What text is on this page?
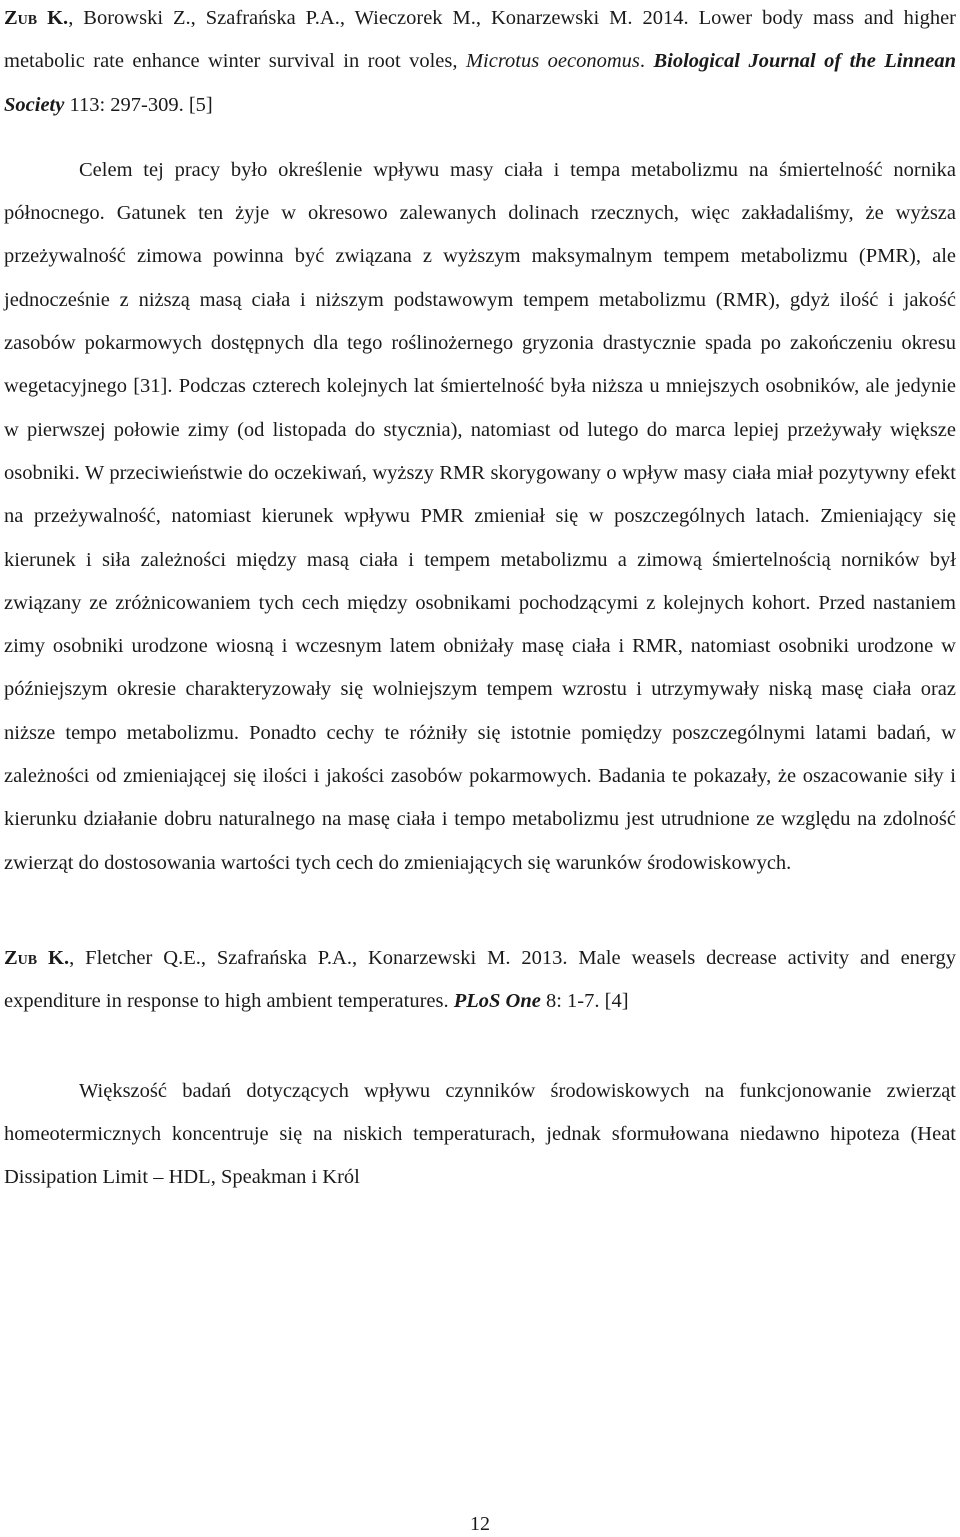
Zub K., Borowski Z., Szafrańska P.A., Wieczorek M., Konarzewski M. 2014. Lower body mass and higher metabolic rate enhance winter survival in root voles, Microtus oeconomus. Biological Journal of the Linnean Society 113: 297-309. [5]

Celem tej pracy było określenie wpływu masy ciała i tempa metabolizmu na śmiertelność nornika północnego. Gatunek ten żyje w okresowo zalewanych dolinach rzecznych, więc zakładaliśmy, że wyższa przeżywalność zimowa powinna być związana z wyższym maksymalnym tempem metabolizmu (PMR), ale jednocześnie z niższą masą ciała i niższym podstawowym tempem metabolizmu (RMR), gdyż ilość i jakość zasobów pokarmowych dostępnych dla tego roślinożernego gryzonia drastycznie spada po zakończeniu okresu wegetacyjnego [31]. Podczas czterech kolejnych lat śmiertelność była niższa u mniejszych osobników, ale jedynie w pierwszej połowie zimy (od listopada do stycznia), natomiast od lutego do marca lepiej przeżywały większe osobniki. W przeciwieństwie do oczekiwań, wyższy RMR skorygowany o wpływ masy ciała miał pozytywny efekt na przeżywalność, natomiast kierunek wpływu PMR zmieniał się w poszczególnych latach. Zmieniający się kierunek i siła zależności między masą ciała i tempem metabolizmu a zimową śmiertelnością norników był związany ze zróżnicowaniem tych cech między osobnikami pochodzącymi z kolejnych kohort. Przed nastaniem zimy osobniki urodzone wiosną i wczesnym latem obniżały masę ciała i RMR, natomiast osobniki urodzone w późniejszym okresie charakteryzowały się wolniejszym tempem wzrostu i utrzymywały niską masę ciała oraz niższe tempo metabolizmu. Ponadto cechy te różniły się istotnie pomiędzy poszczególnymi latami badań, w zależności od zmieniającej się ilości i jakości zasobów pokarmowych. Badania te pokazały, że oszacowanie siły i kierunku działanie dobru naturalnego na masę ciała i tempo metabolizmu jest utrudnione ze względu na zdolność zwierząt do dostosowania wartości tych cech do zmieniających się warunków środowiskowych.

Zub K., Fletcher Q.E., Szafrańska P.A., Konarzewski M. 2013. Male weasels decrease activity and energy expenditure in response to high ambient temperatures. PLoS One 8: 1-7. [4]

Większość badań dotyczących wpływu czynników środowiskowych na funkcjonowanie zwierząt homeotermicznych koncentruje się na niskich temperaturach, jednak sformułowana niedawno hipoteza (Heat Dissipation Limit – HDL, Speakman i Król

12
